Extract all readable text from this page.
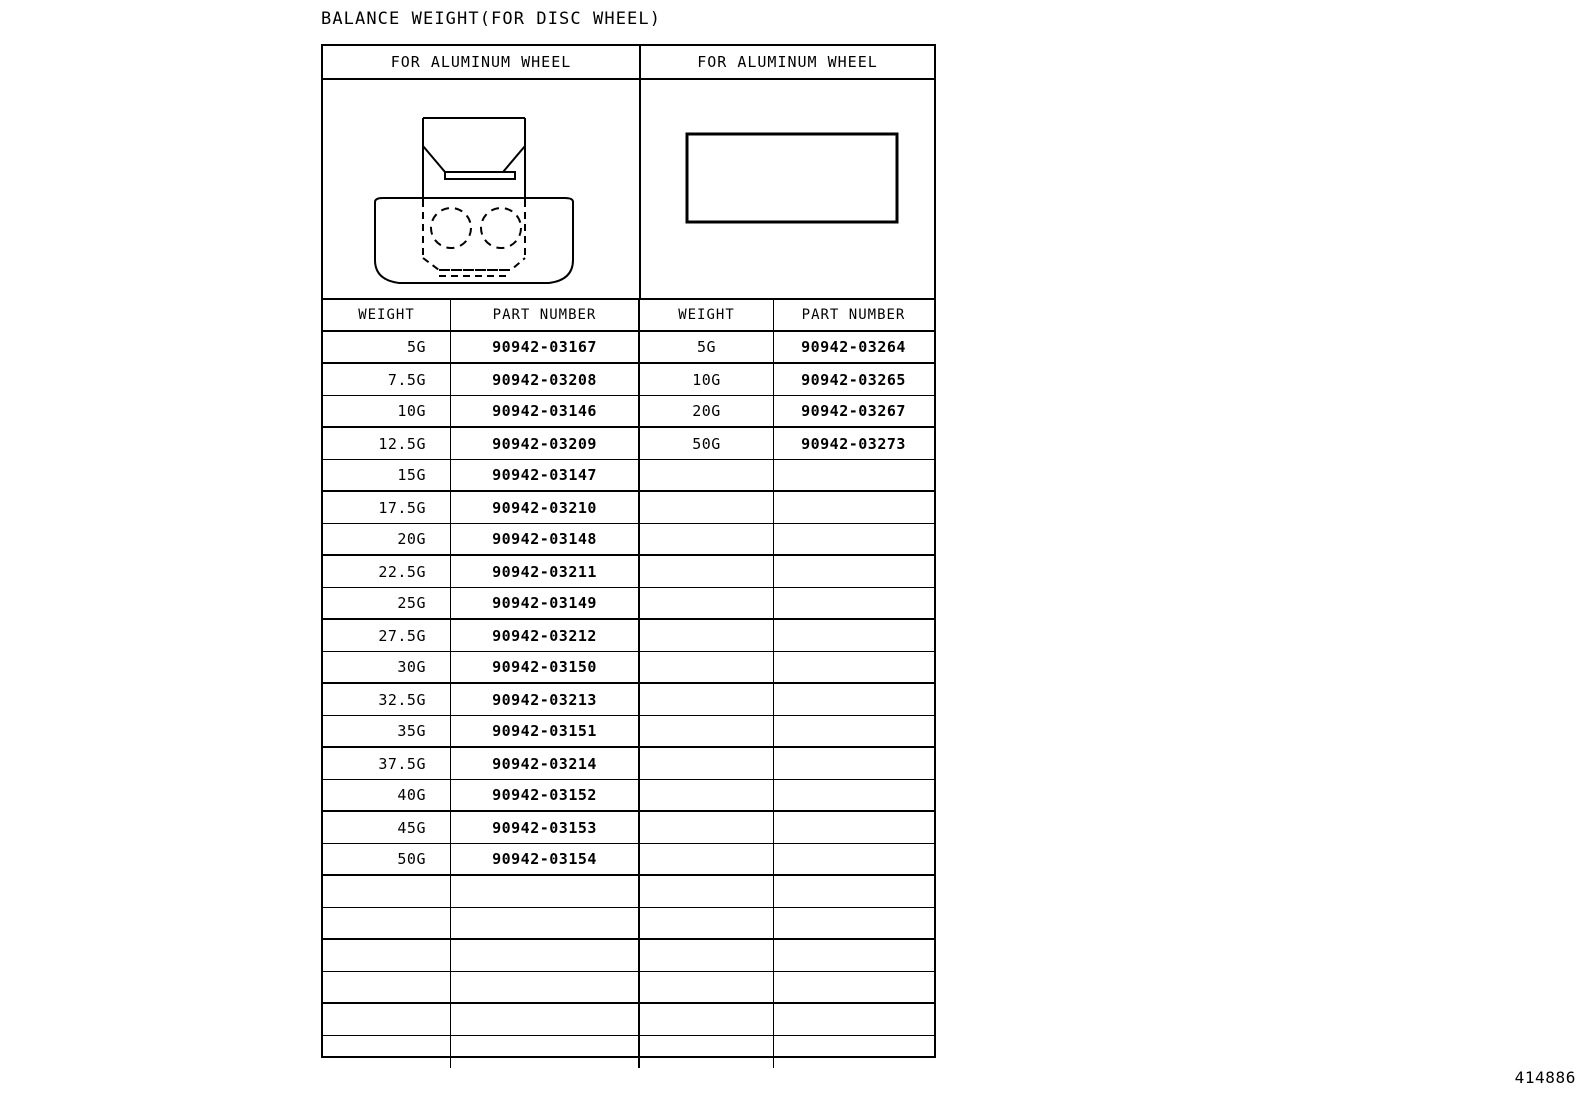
BALANCE WEIGHT(FOR DISC WHEEL)
FOR ALUMINUM WHEEL	FOR ALUMINUM WHEEL
WEIGHT	PART NUMBER	WEIGHT	PART NUMBER
5G	90942-03167	5G	90942-03264
7.5G	90942-03208	10G	90942-03265
10G	90942-03146	20G	90942-03267
12.5G	90942-03209	50G	90942-03273
15G	90942-03147
17.5G	90942-03210
20G	90942-03148
22.5G	90942-03211
25G	90942-03149
27.5G	90942-03212
30G	90942-03150
32.5G	90942-03213
35G	90942-03151
37.5G	90942-03214
40G	90942-03152
45G	90942-03153
50G	90942-03154
414886
